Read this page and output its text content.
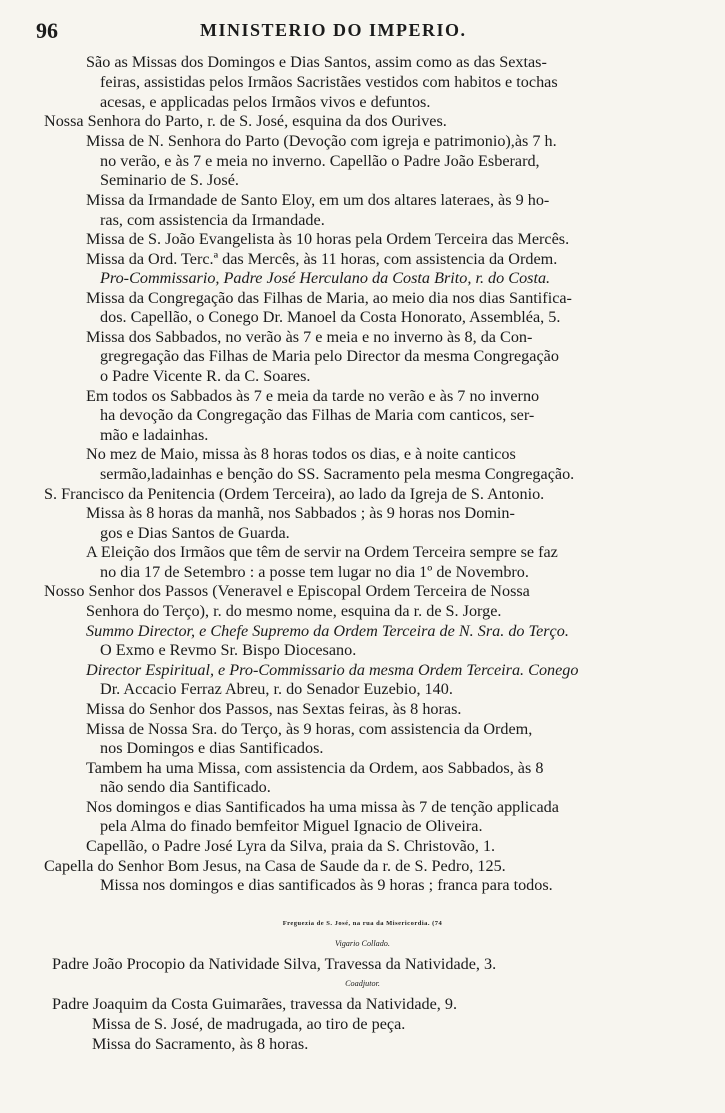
96	MINISTERIO DO IMPERIO.
São as Missas dos Domingos e Dias Santos, assim como as das Sextas-
feiras, assistidas pelos Irmãos Sacristães vestidos com habitos e tochas
acesas, e applicadas pelos Irmãos vivos e defuntos.
Nossa Senhora do Parto, r. de S. José, esquina da dos Ourives.
Missa de N. Senhora do Parto (Devoção com igreja e patrimonio),às 7 h.
no verão, e às 7 e meia no inverno. Capellão o Padre João Esberard,
Seminario de S. José.
Missa da Irmandade de Santo Eloy, em um dos altares lateraes, às 9 ho-
ras, com assistencia da Irmandade.
Missa de S. João Evangelista às 10 horas pela Ordem Terceira das Mercês.
Missa da Ord. Terc.ª das Mercês, às 11 horas, com assistencia da Ordem.
Pro-Commissario, Padre José Herculano da Costa Brito, r. do Costa.
Missa da Congregação das Filhas de Maria, ao meio dia nos dias Santifica-
dos. Capellão, o Conego Dr. Manoel da Costa Honorato, Assembléa, 5.
Missa dos Sabbados, no verão às 7 e meia e no inverno às 8, da Con-
gregregação das Filhas de Maria pelo Director da mesma Congregação
o Padre Vicente R. da C. Soares.
Em todos os Sabbados às 7 e meia da tarde no verão e às 7 no inverno
ha devoção da Congregação das Filhas de Maria com canticos, ser-
mão e ladainhas.
No mez de Maio, missa às 8 horas todos os dias, e à noite canticos
sermão,ladainhas e benção do SS. Sacramento pela mesma Congregação.
S. Francisco da Penitencia (Ordem Terceira), ao lado da Igreja de S. Antonio.
Missa às 8 horas da manhã, nos Sabbados ; às 9 horas nos Domin-
gos e Dias Santos de Guarda.
A Eleição dos Irmãos que têm de servir na Ordem Terceira sempre se faz
no dia 17 de Setembro : a posse tem lugar no dia 1º de Novembro.
Nosso Senhor dos Passos (Veneravel e Episcopal Ordem Terceira de Nossa
Senhora do Terço), r. do mesmo nome, esquina da r. de S. Jorge.
Summo Director, e Chefe Supremo da Ordem Terceira de N. Sra. do Terço.
O Exmo e Revmo Sr. Bispo Diocesano.
Director Espiritual, e Pro-Commissario da mesma Ordem Terceira. Conego
Dr. Accacio Ferraz Abreu, r. do Senador Euzebio, 140.
Missa do Senhor dos Passos, nas Sextas feiras, às 8 horas.
Missa de Nossa Sra. do Terço, às 9 horas, com assistencia da Ordem,
nos Domingos e dias Santificados.
Tambem ha uma Missa, com assistencia da Ordem, aos Sabbados, às 8
não sendo dia Santificado.
Nos domingos e dias Santificados ha uma missa às 7 de tenção applicada
pela Alma do finado bemfeitor Miguel Ignacio de Oliveira.
Capellão, o Padre José Lyra da Silva, praia da S. Christovão, 1.
Capella do Senhor Bom Jesus, na Casa de Saude da r. de S. Pedro, 125.
Missa nos domingos e dias santificados às 9 horas ; franca para todos.
Freguezia de S. José, na rua da Misericordia. (74
Vigario Collado.
Padre João Procopio da Natividade Silva, Travessa da Natividade, 3.
Coadjutor.
Padre Joaquim da Costa Guimarães, travessa da Natividade, 9.
Missa de S. José, de madrugada, ao tiro de peça.
Missa do Sacramento, às 8 horas.
